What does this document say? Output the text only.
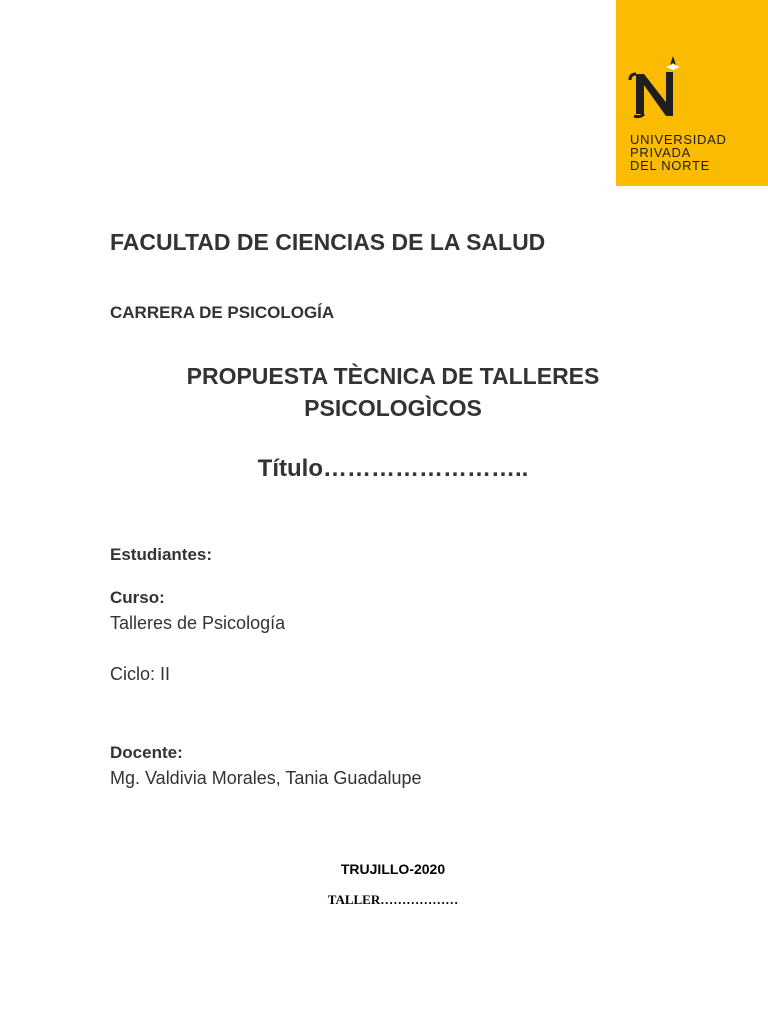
UNIVERSIDAD
PRIVADA
DEL NORTE
FACULTAD DE CIENCIAS DE LA SALUD
CARRERA DE PSICOLOGÍA
PROPUESTA TÈCNICA DE TALLERES
PSICOLOGÌCOS
Título……………………..
Estudiantes:
Curso:
Talleres de Psicología
Ciclo: II
Docente:
Mg. Valdivia Morales, Tania Guadalupe
TRUJILLO-2020
TALLER………………
